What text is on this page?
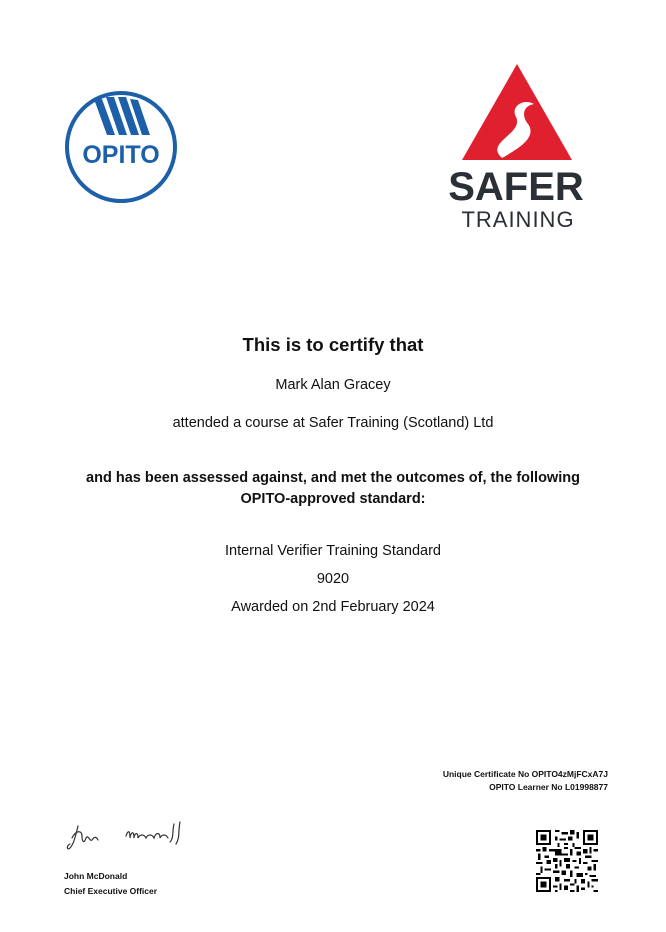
OPITO
SAFER
TRAINING
This is to certify that
Mark Alan Gracey
attended a course at Safer Training (Scotland) Ltd
and has been assessed against, and met the outcomes of, the following
OPITO-approved standard:
Internal Verifier Training Standard
9020
Awarded on 2nd February 2024
Unique Certificate No OPITO4zMjFCxA7J
OPITO Learner No L01998877
John McDonald
Chief Executive Officer
